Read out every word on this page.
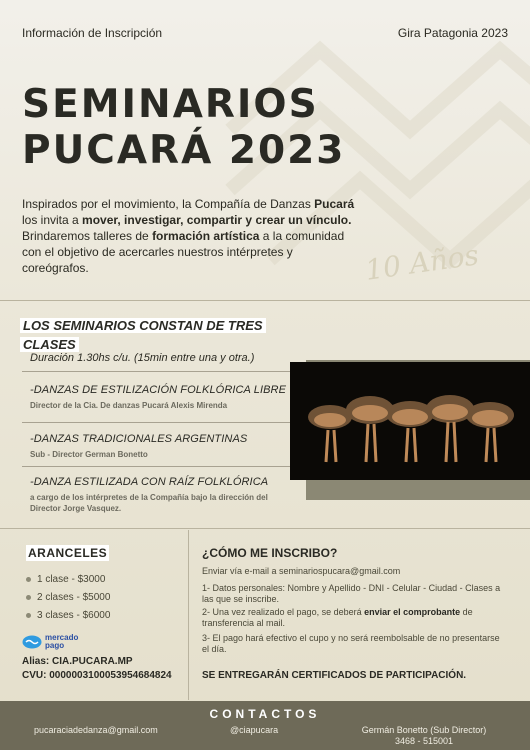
Información de Inscripción	Gira Patagonia 2023
SEMINARIOS
PUCARÁ 2023
Inspirados por el movimiento, la Compañía de Danzas Pucará los invita a mover, investigar, compartir y crear un vínculo. Brindaremos talleres de formación artística a la comunidad con el objetivo de acercarles nuestros intérpretes y coreógrafos.	10 Años
LOS SEMINARIOS CONSTAN DE TRES
CLASES
Duración 1.30hs c/u. (15min entre una y otra.)
-DANZAS DE ESTILIZACIÓN FOLKLÓRICA LIBRE
Director de la Cia. De danzas Pucará Alexis Mirenda
-DANZAS TRADICIONALES ARGENTINAS
Sub - Director German Bonetto
-DANZA ESTILIZADA CON RAÍZ FOLKLÓRICA
a cargo de los intérpretes de la Compañía bajo la dirección del Director Jorge Vasquez.
ARANCELES
1 clase - $3000
2 clases - $5000
3 clases - $6000
mercado
pago
Alias: CIA.PUCARA.MP
CVU: 0000003100053954684824
¿CÓMO ME INSCRIBO?
Enviar vía e-mail a seminariospucara@gmail.com
1- Datos personales: Nombre y Apellido - DNI - Celular - Ciudad - Clases a las que se inscribe.
2- Una vez realizado el pago, se deberá enviar el comprobante de transferencia al mail.
3- El pago hará efectivo el cupo y no será reembolsable de no presentarse el día.
SE ENTREGARÁN CERTIFICADOS DE PARTICIPACIÓN.
CONTACTOS
pucaraciadedanza@gmail.com	@ciapucara	Germán Bonetto (Sub Director)
3468 - 515001
